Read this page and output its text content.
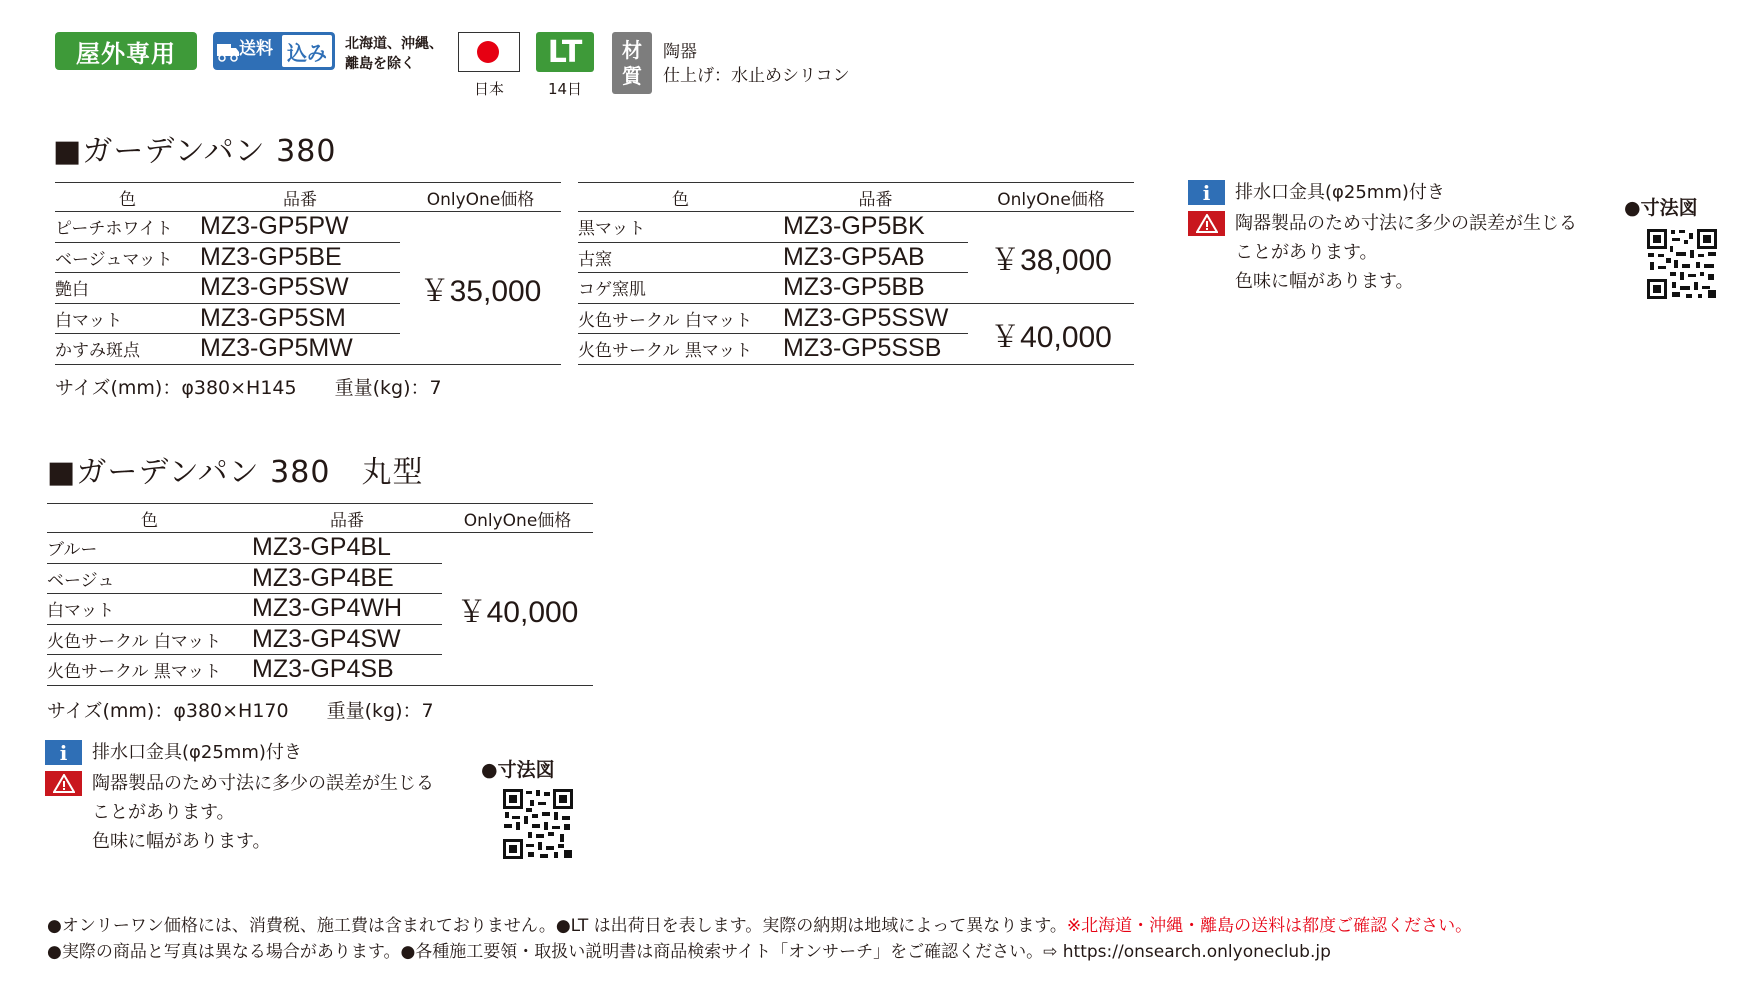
屋外専用	送料 込み	北海道、沖縄、
離島を除く
日本
LT
14日
材
質
陶器
仕上げ：水止めシリコン
■ガーデンパン 380
色	品番	OnlyOne価格
ピーチホワイト	MZ3-GP5PW	￥35,000
ベージュマット	MZ3-GP5BE	
艶白	MZ3-GP5SW	
白マット	MZ3-GP5SM	
かすみ斑点	MZ3-GP5MW	
色	品番	OnlyOne価格
黒マット	MZ3-GP5BK	￥38,000
古窯	MZ3-GP5AB	
コゲ窯肌	MZ3-GP5BB	
火色サークル 白マット	MZ3-GP5SSW	￥40,000
火色サークル 黒マット	MZ3-GP5SSB	
サイズ(mm)：φ380×H145 重量(kg)：7
i	排水口金具(φ25mm)付き
陶器製品のため寸法に多少の誤差が生じる
ことがあります。
色味に幅があります。
●寸法図
■ガーデンパン 380　丸型
色	品番	OnlyOne価格
ブルー	MZ3-GP4BL	￥40,000
ベージュ	MZ3-GP4BE	
白マット	MZ3-GP4WH	
火色サークル 白マット	MZ3-GP4SW	
火色サークル 黒マット	MZ3-GP4SB	
サイズ(mm)：φ380×H170 重量(kg)：7
i	排水口金具(φ25mm)付き
陶器製品のため寸法に多少の誤差が生じる
ことがあります。
色味に幅があります。
●寸法図
●オンリーワン価格には、消費税、施工費は含まれておりません。●LT は出荷日を表します。実際の納期は地域によって異なります。※北海道・沖縄・離島の送料は都度ご確認ください。
●実際の商品と写真は異なる場合があります。●各種施工要領・取扱い説明書は商品検索サイト「オンサーチ」をご確認ください。⇨ https://onsearch.onlyoneclub.jp
